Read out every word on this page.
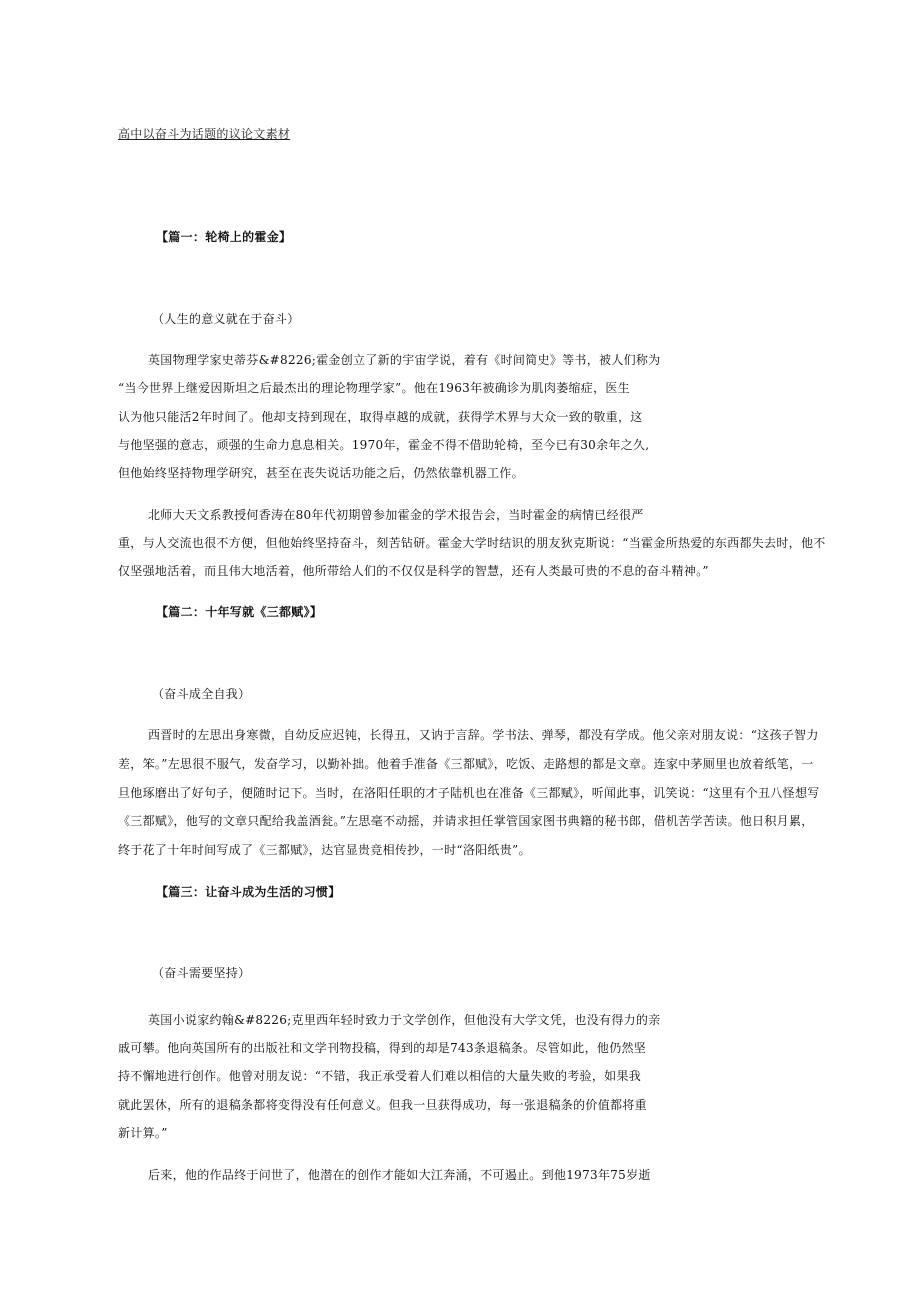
高中以奋斗为话题的议论文素材
【篇一：轮椅上的霍金】
（人生的意义就在于奋斗）
英国物理学家史蒂芬&#8226;霍金创立了新的宇宙学说，着有《时间简史》等书，被人们称为
“当今世界上继爱因斯坦之后最杰出的理论物理学家”。他在1963年被确诊为肌肉萎缩症，医生
认为他只能活2年时间了。他却支持到现在，取得卓越的成就，获得学术界与大众一致的敬重，这
与他坚强的意志，顽强的生命力息息相关。1970年，霍金不得不借助轮椅，至今已有30余年之久,
但他始终坚持物理学研究，甚至在丧失说话功能之后，仍然依靠机器工作。
北师大天文系教授何香涛在80年代初期曾参加霍金的学术报告会，当时霍金的病情已经很严
重，与人交流也很不方便，但他始终坚持奋斗，刻苦钻研。霍金大学时结识的朋友狄克斯说：“当霍金所热爱的东西都失去时，他不
仅坚强地活着，而且伟大地活着，他所带给人们的不仅仅是科学的智慧，还有人类最可贵的不息的奋斗精神。”
【篇二：十年写就《三都赋》】
（奋斗成全自我）
西晋时的左思出身寒微，自幼反应迟钝，长得丑，又讷于言辞。学书法、弹琴，都没有学成。他父亲对朋友说：“这孩子智力
差，笨。”左思很不服气，发奋学习，以勤补拙。他着手准备《三都赋》，吃饭、走路想的都是文章。连家中茅厕里也放着纸笔，一
旦他琢磨出了好句子，便随时记下。当时，在洛阳任职的才子陆机也在准备《三都赋》，听闻此事，讥笑说：“这里有个丑八怪想写
《三都赋》，他写的文章只配给我盖酒瓮。”左思毫不动摇，并请求担任掌管国家图书典籍的秘书郎，借机苦学苦读。他日积月累，
终于花了十年时间写成了《三都赋》，达官显贵竞相传抄，一时“洛阳纸贵”。
【篇三：让奋斗成为生活的习惯】
（奋斗需要坚持）
英国小说家约翰&#8226;克里西年轻时致力于文学创作，但他没有大学文凭，也没有得力的亲
戚可攀。他向英国所有的出版社和文学刊物投稿，得到的却是743条退稿条。尽管如此，他仍然坚
持不懈地进行创作。他曾对朋友说：“不错，我正承受着人们难以相信的大量失败的考验，如果我
就此罢休，所有的退稿条都将变得没有任何意义。但我一旦获得成功，每一张退稿条的价值都将重
新计算。”
后来，他的作品终于问世了，他潜在的创作才能如大江奔涌，不可遏止。到他1973年75岁逝
